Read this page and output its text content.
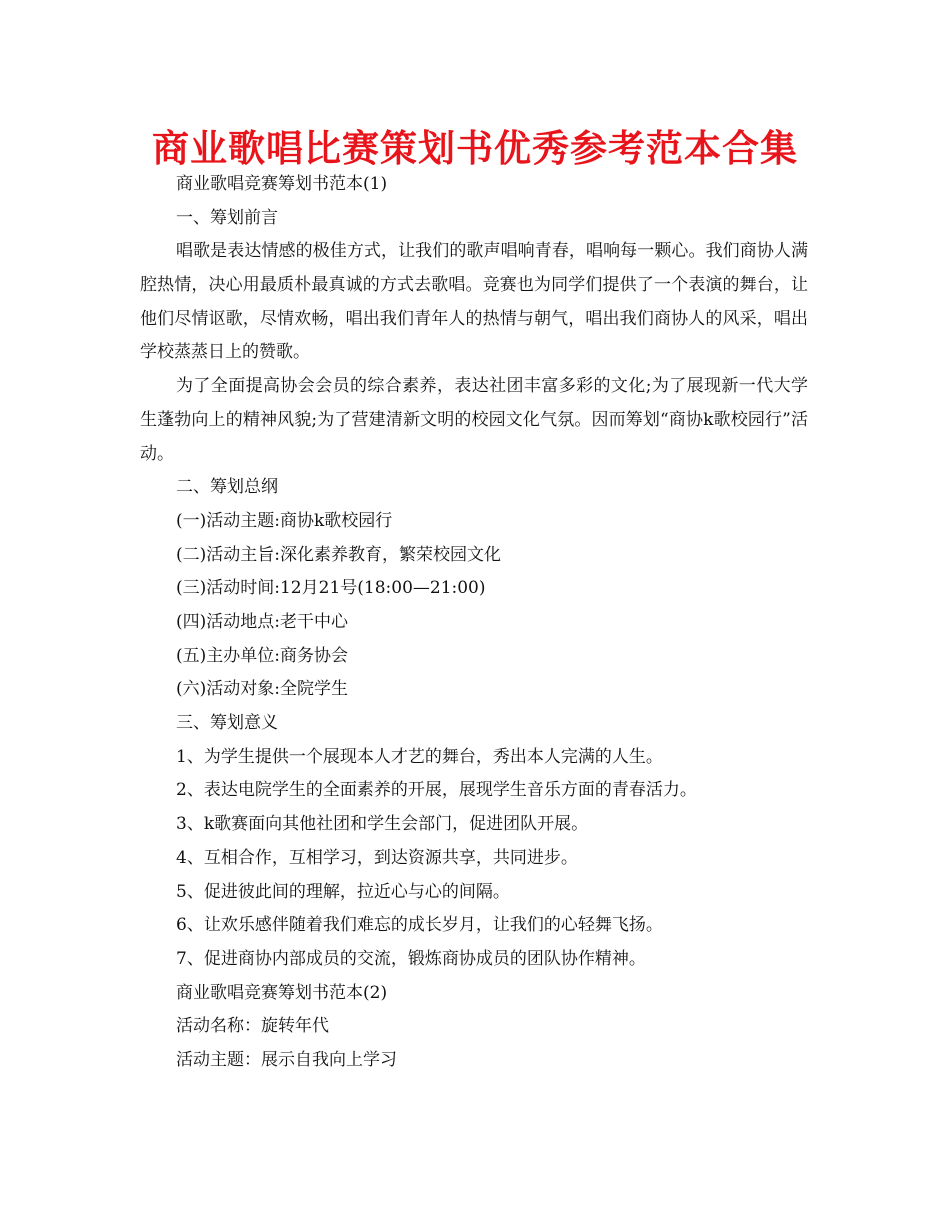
商业歌唱比赛策划书优秀参考范本合集
商业歌唱竞赛筹划书范本(1)
一、筹划前言

唱歌是表达情感的极佳方式，让我们的歌声唱响青春，唱响每一颗心。我们商协人满腔热情，决心用最质朴最真诚的方式去歌唱。竞赛也为同学们提供了一个表演的舞台，让他们尽情讴歌，尽情欢畅，唱出我们青年人的热情与朝气，唱出我们商协人的风采，唱出学校蒸蒸日上的赞歌。

为了全面提高协会会员的综合素养，表达社团丰富多彩的文化;为了展现新一代大学生蓬勃向上的精神风貌;为了营建清新文明的校园文化气氛。因而筹划“商协k歌校园行”活动。

二、筹划总纲
(一)活动主题:商协k歌校园行
(二)活动主旨:深化素养教育，繁荣校园文化
(三)活动时间:12月21号(18:00—21:00)
(四)活动地点:老干中心
(五)主办单位:商务协会
(六)活动对象:全院学生
三、筹划意义
1、为学生提供一个展现本人才艺的舞台，秀出本人完满的人生。
2、表达电院学生的全面素养的开展，展现学生音乐方面的青春活力。
3、k歌赛面向其他社团和学生会部门，促进团队开展。
4、互相合作，互相学习，到达资源共享，共同进步。
5、促进彼此间的理解，拉近心与心的间隔。
6、让欢乐感伴随着我们难忘的成长岁月，让我们的心轻舞飞扬。
7、促进商协内部成员的交流，锻炼商协成员的团队协作精神。
商业歌唱竞赛筹划书范本(2)
活动名称：旋转年代
活动主题：展示自我向上学习
